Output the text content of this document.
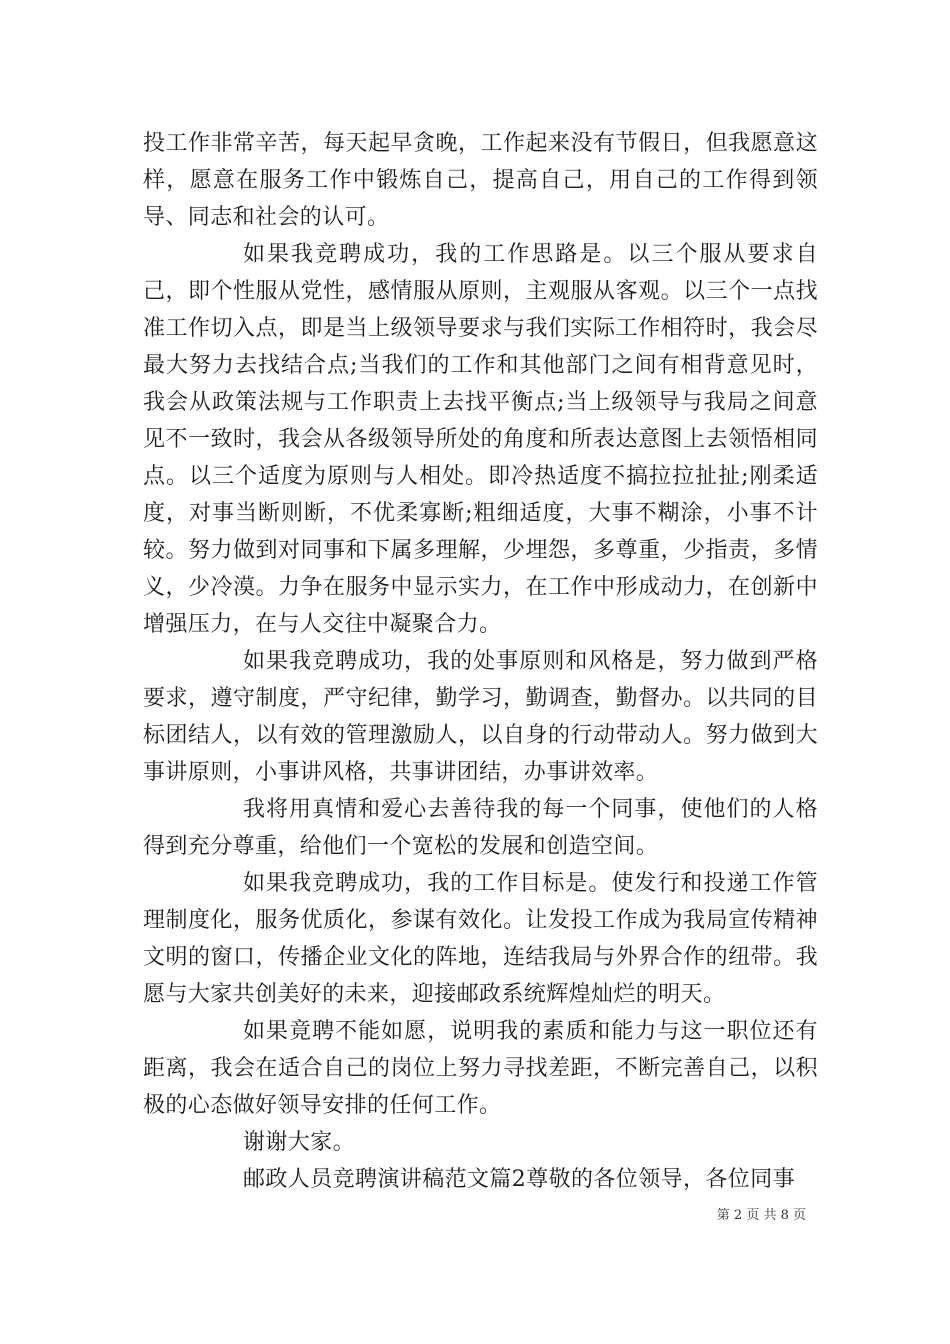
投工作非常辛苦，每天起早贪晚，工作起来没有节假日，但我愿意这样，愿意在服务工作中锻炼自己，提高自己，用自己的工作得到领导、同志和社会的认可。

如果我竞聘成功，我的工作思路是。以三个服从要求自己，即个性服从党性，感情服从原则，主观服从客观。以三个一点找准工作切入点，即是当上级领导要求与我们实际工作相符时，我会尽最大努力去找结合点;当我们的工作和其他部门之间有相背意见时，我会从政策法规与工作职责上去找平衡点;当上级领导与我局之间意见不一致时，我会从各级领导所处的角度和所表达意图上去领悟相同点。以三个适度为原则与人相处。即冷热适度不搞拉拉扯扯;刚柔适度，对事当断则断，不优柔寡断;粗细适度，大事不糊涂，小事不计较。努力做到对同事和下属多理解，少埋怨，多尊重，少指责，多情义，少冷漠。力争在服务中显示实力，在工作中形成动力，在创新中增强压力，在与人交往中凝聚合力。

如果我竞聘成功，我的处事原则和风格是，努力做到严格要求，遵守制度，严守纪律，勤学习，勤调查，勤督办。以共同的目标团结人，以有效的管理激励人，以自身的行动带动人。努力做到大事讲原则，小事讲风格，共事讲团结，办事讲效率。

我将用真情和爱心去善待我的每一个同事，使他们的人格得到充分尊重，给他们一个宽松的发展和创造空间。

如果我竞聘成功，我的工作目标是。使发行和投递工作管理制度化，服务优质化，参谋有效化。让发投工作成为我局宣传精神文明的窗口，传播企业文化的阵地，连结我局与外界合作的纽带。我愿与大家共创美好的未来，迎接邮政系统辉煌灿烂的明天。

如果竟聘不能如愿，说明我的素质和能力与这一职位还有距离，我会在适合自己的岗位上努力寻找差距，不断完善自己，以积极的心态做好领导安排的任何工作。

谢谢大家。

邮政人员竞聘演讲稿范文篇2尊敬的各位领导，各位同事

第 2 页 共 8 页
